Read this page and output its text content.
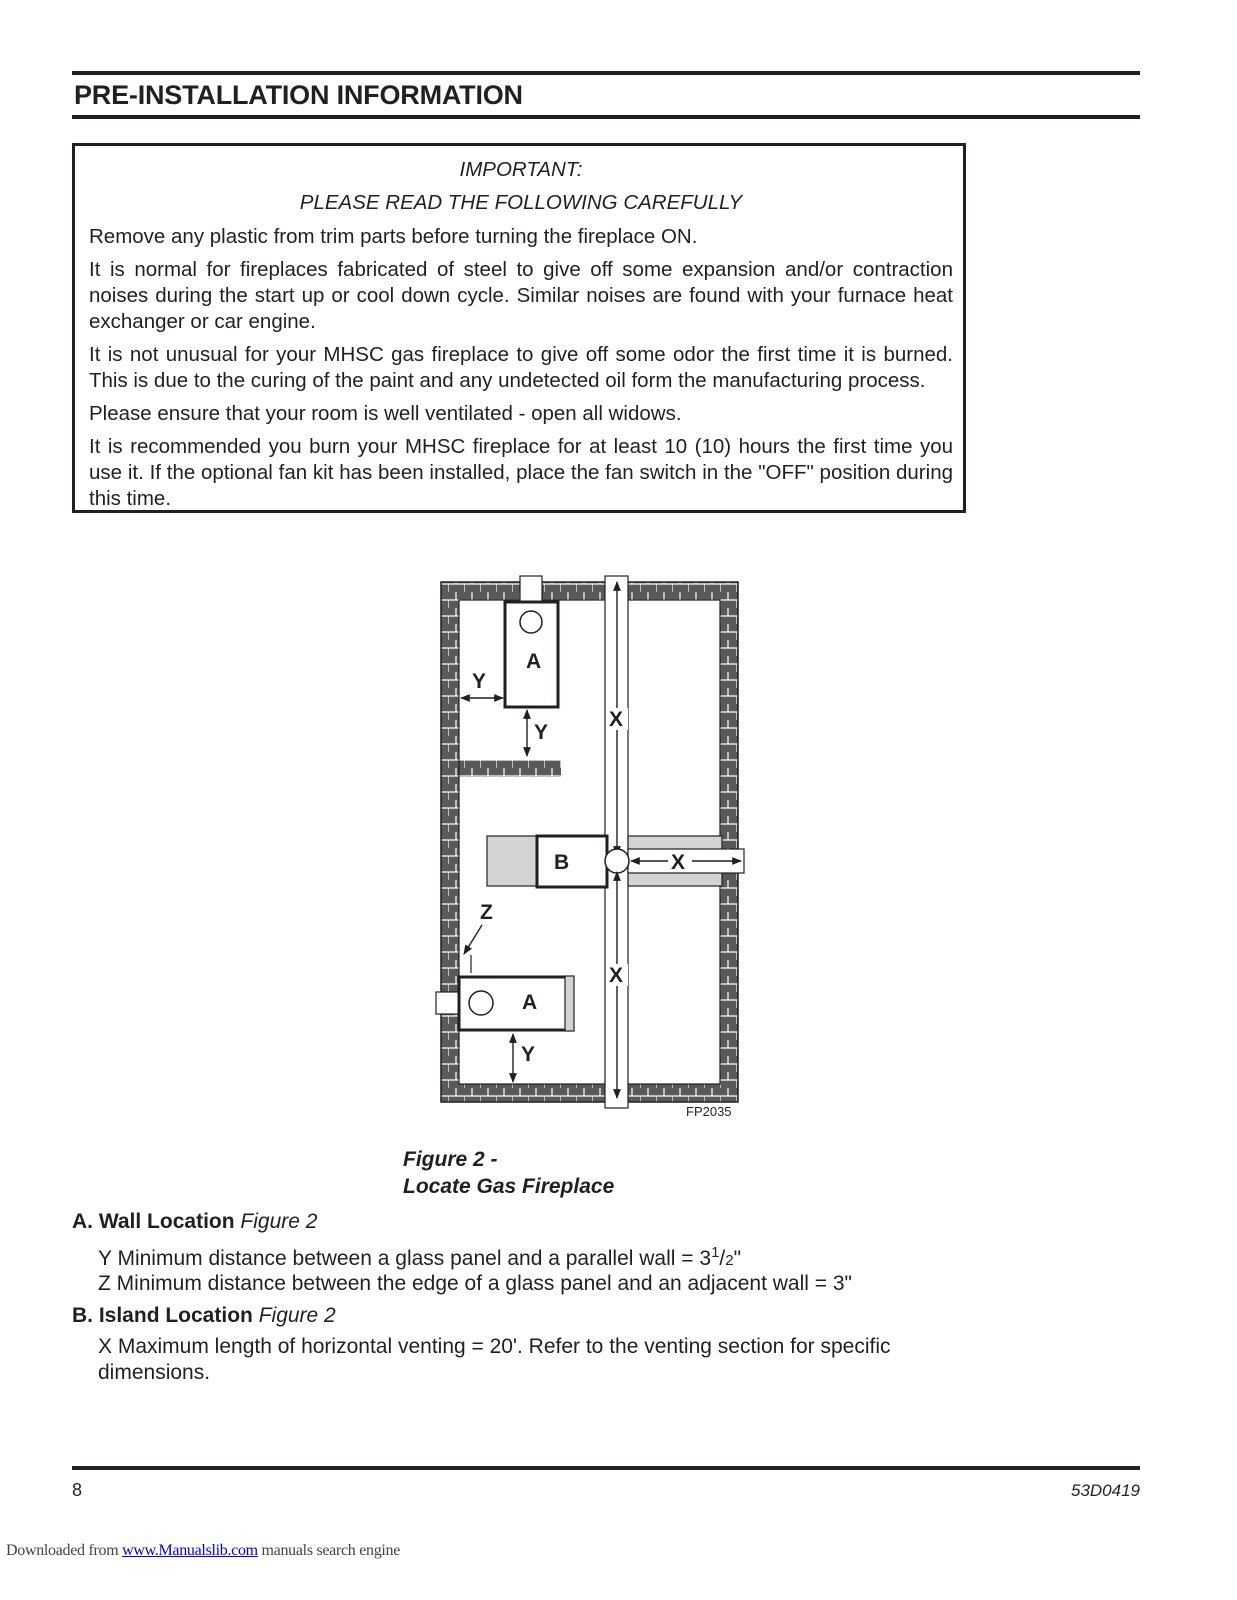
PRE-INSTALLATION INFORMATION

IMPORTANT:

PLEASE READ THE FOLLOWING CAREFULLY

Remove any plastic from trim parts before turning the fireplace ON.

It is normal for fireplaces fabricated of steel to give off some expansion and/or contraction noises during the start up or cool down cycle. Similar noises are found with your furnace heat exchanger or car engine.

It is not unusual for your MHSC gas fireplace to give off some odor the first time it is burned. This is due to the curing of the paint and any undetected oil form the manufacturing process.

Please ensure that your room is well ventilated - open all widows.

It is recommended you burn your MHSC fireplace for at least 10 (10) hours the first time you use it. If the optional fan kit has been installed, place the fan switch in the "OFF" position during this time.

A
Y
Y
X
B	X
X
Z
A
Y
FP2035
Figure 2 -
Locate Gas Fireplace
A. Wall Location Figure 2
Y Minimum distance between a glass panel and a parallel wall = $3^1/2$"
Z Minimum distance between the edge of a glass panel and an adjacent wall = 3"
B. Island Location Figure 2
X Maximum length of horizontal venting = 20'. Refer to the venting section for specific dimensions.
8	53D0419
Downloaded from www.Manualslib.com manuals search engine
